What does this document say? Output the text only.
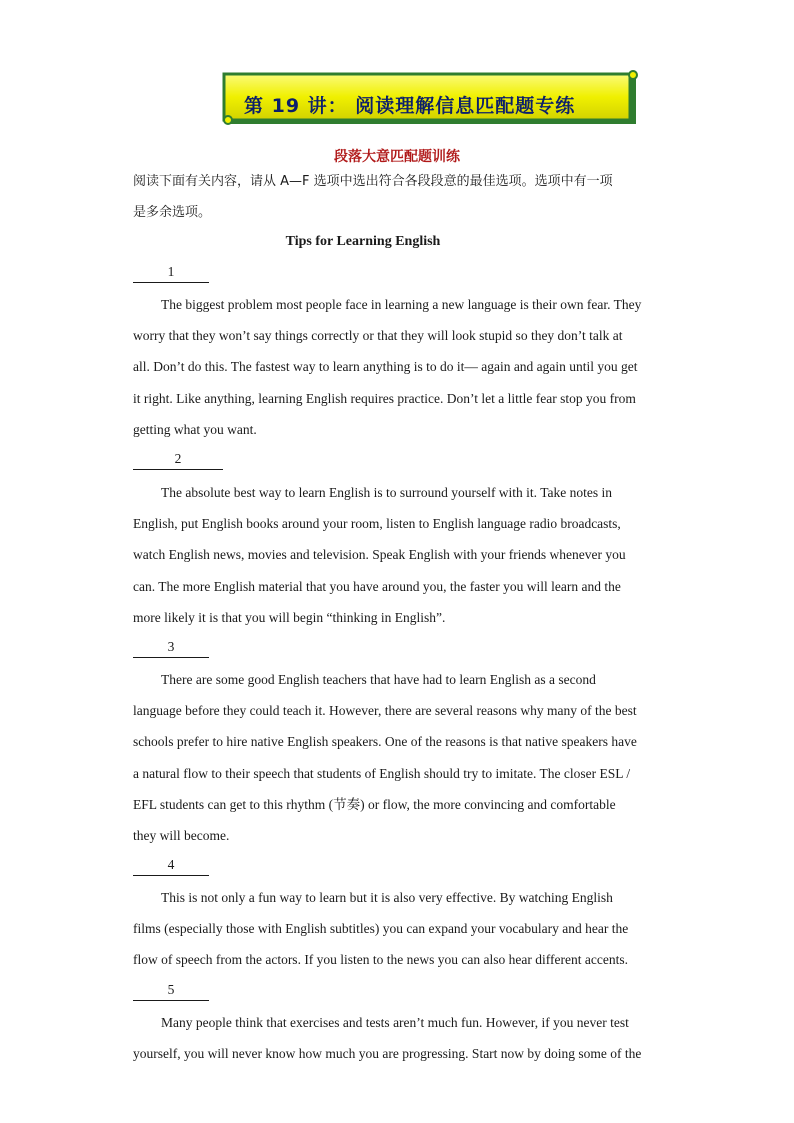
第 19 讲： 阅读理解信息匹配题专练
段落大意匹配题训练
阅读下面有关内容，请从 A—F 选项中选出符合各段段意的最佳选项。选项中有一项
是多余选项。
Tips for Learning English
1
The biggest problem most people face in learning a new language is their own fear. They
worry that they won’t say things correctly or that they will look stupid so they don’t talk at
all. Don’t do this. The fastest way to learn anything is to do it— again and again until you get
it right. Like anything, learning English requires practice. Don’t let a little fear stop you from
getting what you want.
2
The absolute best way to learn English is to surround yourself with it. Take notes in
English, put English books around your room, listen to English language radio broadcasts,
watch English news, movies and television. Speak English with your friends whenever you
can. The more English material that you have around you, the faster you will learn and the
more likely it is that you will begin “thinking in English”.
3
There are some good English teachers that have had to learn English as a second
language before they could teach it. However, there are several reasons why many of the best
schools prefer to hire native English speakers. One of the reasons is that native speakers have
a natural flow to their speech that students of English should try to imitate. The closer ESL /
EFL students can get to this rhythm (节奏) or flow, the more convincing and comfortable
they will become.
4
This is not only a fun way to learn but it is also very effective. By watching English
films (especially those with English subtitles) you can expand your vocabulary and hear the
flow of speech from the actors. If you listen to the news you can also hear different accents.
5
Many people think that exercises and tests aren’t much fun. However, if you never test
yourself, you will never know how much you are progressing. Start now by doing some of the
